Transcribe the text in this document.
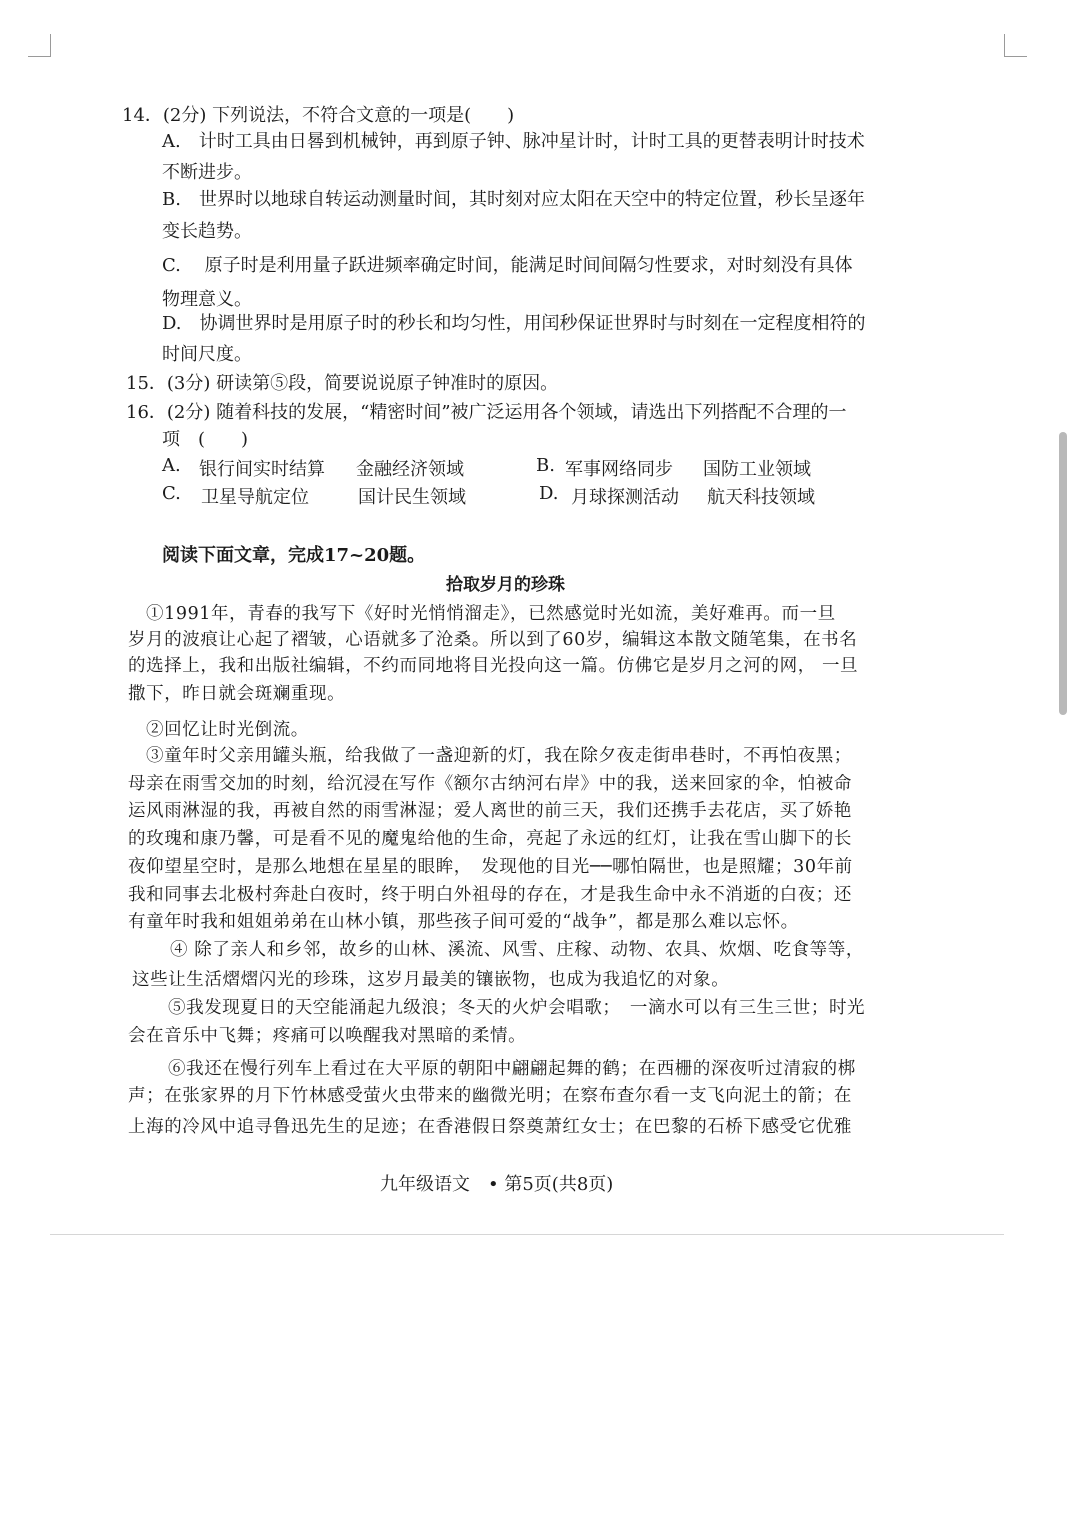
14．(2分) 下列说法，不符合文意的一项是(　　)
A.　计时工具由日晷到机械钟，再到原子钟、脉冲星计时，计时工具的更替表明计时技术
不断进步。
B.　世界时以地球自转运动测量时间，其时刻对应太阳在天空中的特定位置，秒长呈逐年
变长趋势。
C.　 原子时是利用量子跃进频率确定时间，能满足时间间隔匀性要求，对时刻没有具体
物理意义。
D.　协调世界时是用原子时的秒长和均匀性，用闰秒保证世界时与时刻在一定程度相符的
时间尺度。
15．(3分) 研读第⑤段，简要说说原子钟准时的原因。
16．(2分) 随着科技的发展，“精密时间”被广泛运用各个领域，请选出下列搭配不合理的一
项　(　　)
A. 银行间实时结算 金融经济领域	B. 军事网络同步 国防工业领域
C. 卫星导航定位	国计民生领域	D. 月球探测活动 航天科技领域
阅读下面文章，完成17~20题。
拾取岁月的珍珠
①1991年，青春的我写下《好时光悄悄溜走》，已然感觉时光如流，美好难再。而一旦
岁月的波痕让心起了褶皱，心语就多了沧桑。所以到了60岁，编辑这本散文随笔集，在书名
的选择上，我和出版社编辑，不约而同地将目光投向这一篇。仿佛它是岁月之河的网， 一旦
撒下，昨日就会斑斓重现。
②回忆让时光倒流。
③童年时父亲用罐头瓶，给我做了一盏迎新的灯，我在除夕夜走街串巷时，不再怕夜黑；
母亲在雨雪交加的时刻，给沉浸在写作《额尔古纳河右岸》中的我，送来回家的伞，怕被命
运风雨淋湿的我，再被自然的雨雪淋湿；爱人离世的前三天，我们还携手去花店，买了娇艳
的玫瑰和康乃馨，可是看不见的魔鬼给他的生命，亮起了永远的红灯，让我在雪山脚下的长
夜仰望星空时，是那么地想在星星的眼眸，　发现他的目光──哪怕隔世，也是照耀；30年前
我和同事去北极村奔赴白夜时，终于明白外祖母的存在，才是我生命中永不消逝的白夜；还
有童年时我和姐姐弟弟在山林小镇，那些孩子间可爱的“战争”，都是那么难以忘怀。
④ 除了亲人和乡邻，故乡的山林、溪流、风雪、庄稼、动物、农具、炊烟、吃食等等，
这些让生活熠熠闪光的珍珠，这岁月最美的镶嵌物，也成为我追忆的对象。
⑤我发现夏日的天空能涌起九级浪；冬天的火炉会唱歌；　一滴水可以有三生三世；时光
会在音乐中飞舞；疼痛可以唤醒我对黑暗的柔情。
⑥我还在慢行列车上看过在大平原的朝阳中翩翩起舞的鹤；在西栅的深夜听过清寂的梆
声；在张家界的月下竹林感受萤火虫带来的幽微光明；在察布查尔看一支飞向泥土的箭；在
上海的冷风中追寻鲁迅先生的足迹；在香港假日祭奠萧红女士；在巴黎的石桥下感受它优雅
九年级语文　• 第5页(共8页)
